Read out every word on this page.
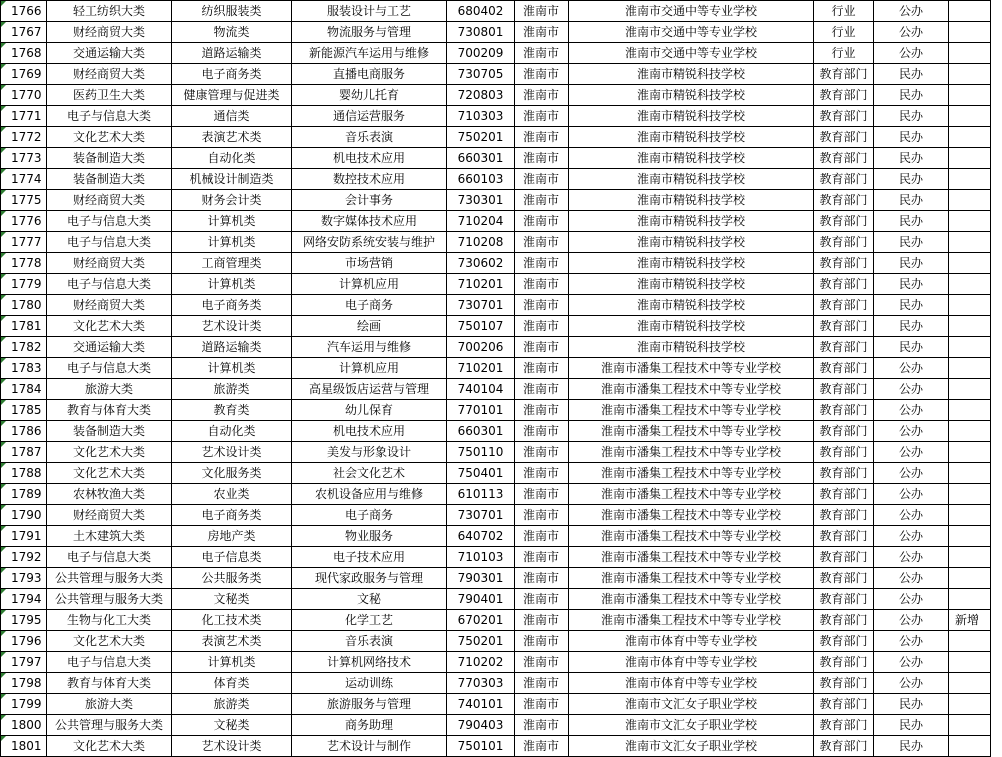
1766	轻工纺织大类	纺织服装类	服装设计与工艺	680402	淮南市	淮南市交通中等专业学校	行业	公办	
1767	财经商贸大类	物流类	物流服务与管理	730801	淮南市	淮南市交通中等专业学校	行业	公办	
1768	交通运输大类	道路运输类	新能源汽车运用与维修	700209	淮南市	淮南市交通中等专业学校	行业	公办	
1769	财经商贸大类	电子商务类	直播电商服务	730705	淮南市	淮南市精锐科技学校	教育部门	民办	
1770	医药卫生大类	健康管理与促进类	婴幼儿托育	720803	淮南市	淮南市精锐科技学校	教育部门	民办	
1771	电子与信息大类	通信类	通信运营服务	710303	淮南市	淮南市精锐科技学校	教育部门	民办	
1772	文化艺术大类	表演艺术类	音乐表演	750201	淮南市	淮南市精锐科技学校	教育部门	民办	
1773	装备制造大类	自动化类	机电技术应用	660301	淮南市	淮南市精锐科技学校	教育部门	民办	
1774	装备制造大类	机械设计制造类	数控技术应用	660103	淮南市	淮南市精锐科技学校	教育部门	民办	
1775	财经商贸大类	财务会计类	会计事务	730301	淮南市	淮南市精锐科技学校	教育部门	民办	
1776	电子与信息大类	计算机类	数字媒体技术应用	710204	淮南市	淮南市精锐科技学校	教育部门	民办	
1777	电子与信息大类	计算机类	网络安防系统安装与维护	710208	淮南市	淮南市精锐科技学校	教育部门	民办	
1778	财经商贸大类	工商管理类	市场营销	730602	淮南市	淮南市精锐科技学校	教育部门	民办	
1779	电子与信息大类	计算机类	计算机应用	710201	淮南市	淮南市精锐科技学校	教育部门	民办	
1780	财经商贸大类	电子商务类	电子商务	730701	淮南市	淮南市精锐科技学校	教育部门	民办	
1781	文化艺术大类	艺术设计类	绘画	750107	淮南市	淮南市精锐科技学校	教育部门	民办	
1782	交通运输大类	道路运输类	汽车运用与维修	700206	淮南市	淮南市精锐科技学校	教育部门	民办	
1783	电子与信息大类	计算机类	计算机应用	710201	淮南市	淮南市潘集工程技术中等专业学校	教育部门	公办	
1784	旅游大类	旅游类	高星级饭店运营与管理	740104	淮南市	淮南市潘集工程技术中等专业学校	教育部门	公办	
1785	教育与体育大类	教育类	幼儿保育	770101	淮南市	淮南市潘集工程技术中等专业学校	教育部门	公办	
1786	装备制造大类	自动化类	机电技术应用	660301	淮南市	淮南市潘集工程技术中等专业学校	教育部门	公办	
1787	文化艺术大类	艺术设计类	美发与形象设计	750110	淮南市	淮南市潘集工程技术中等专业学校	教育部门	公办	
1788	文化艺术大类	文化服务类	社会文化艺术	750401	淮南市	淮南市潘集工程技术中等专业学校	教育部门	公办	
1789	农林牧渔大类	农业类	农机设备应用与维修	610113	淮南市	淮南市潘集工程技术中等专业学校	教育部门	公办	
1790	财经商贸大类	电子商务类	电子商务	730701	淮南市	淮南市潘集工程技术中等专业学校	教育部门	公办	
1791	土木建筑大类	房地产类	物业服务	640702	淮南市	淮南市潘集工程技术中等专业学校	教育部门	公办	
1792	电子与信息大类	电子信息类	电子技术应用	710103	淮南市	淮南市潘集工程技术中等专业学校	教育部门	公办	
1793	公共管理与服务大类	公共服务类	现代家政服务与管理	790301	淮南市	淮南市潘集工程技术中等专业学校	教育部门	公办	
1794	公共管理与服务大类	文秘类	文秘	790401	淮南市	淮南市潘集工程技术中等专业学校	教育部门	公办	
1795	生物与化工大类	化工技术类	化学工艺	670201	淮南市	淮南市潘集工程技术中等专业学校	教育部门	公办	新增
1796	文化艺术大类	表演艺术类	音乐表演	750201	淮南市	淮南市体育中等专业学校	教育部门	公办	
1797	电子与信息大类	计算机类	计算机网络技术	710202	淮南市	淮南市体育中等专业学校	教育部门	公办	
1798	教育与体育大类	体育类	运动训练	770303	淮南市	淮南市体育中等专业学校	教育部门	公办	
1799	旅游大类	旅游类	旅游服务与管理	740101	淮南市	淮南市文汇女子职业学校	教育部门	民办	
1800	公共管理与服务大类	文秘类	商务助理	790403	淮南市	淮南市文汇女子职业学校	教育部门	民办	
1801	文化艺术大类	艺术设计类	艺术设计与制作	750101	淮南市	淮南市文汇女子职业学校	教育部门	民办	
